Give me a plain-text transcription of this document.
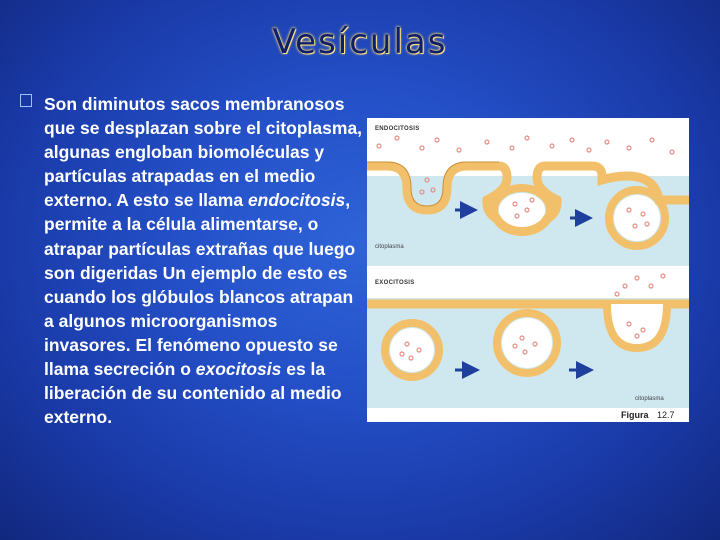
Vesículas
Son diminutos sacos membranosos que se desplazan sobre el citoplasma, algunas engloban biomoléculas y partículas atrapadas en el medio externo. A esto se llama endocitosis, permite a la célula alimentarse, o atrapar partículas extrañas que luego son digeridas Un ejemplo de esto es cuando los glóbulos blancos atrapan a algunos microorganismos invasores. El fenómeno opuesto se llama secreción o exocitosis es la liberación de su contenido al medio externo.
ENDOCITOSIS
citoplasma
EXOCITOSIS
citoplasma
Figura 12.7
